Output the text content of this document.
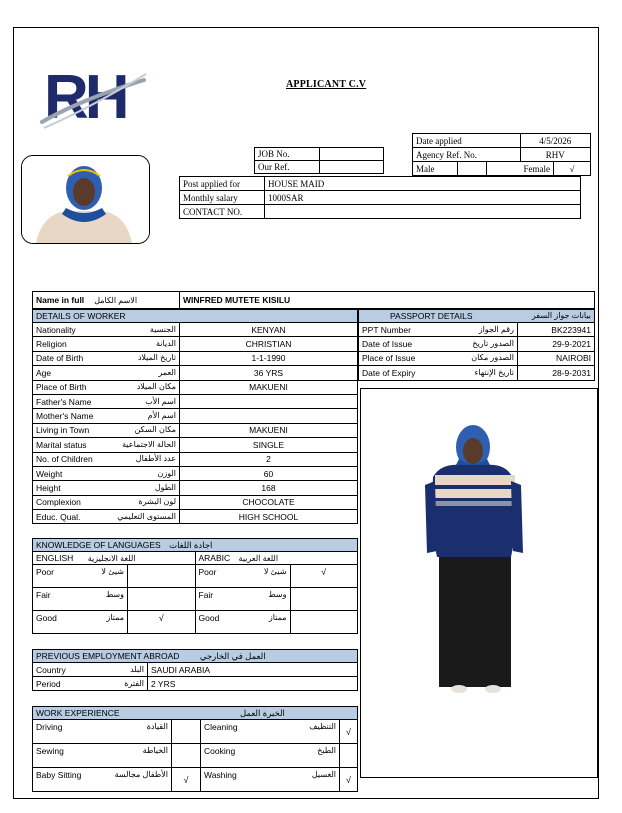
RH	APPLICANT C.V
Date applied			4/5/2026	
Agency Ref. No.			RHV	
Male		Female		√
JOB No.	
Our Ref.	
Post applied for	HOUSE MAID
Monthly salary	1000SAR
CONTACT NO.	
Name in full الاسم الكامل	WINFRED MUTETE KISILU
DETAILS OF WORKER	

Nationality الجنسية	KENYAN

Religion الديانة	CHRISTIAN

Date of Birth تاريخ الميلاد	1-1-1990

Age العمر	36 YRS

Place of Birth مكان الميلاد	MAKUENI

Father's Name اسم الأب	

Mother's Name اسم الأم	

Living in Town مكان السكن	MAKUENI

Marital status الحالة الاجتماعية	SINGLE

No. of Children عدد الأطفال	2

Weight الوزن	60

Height الطول	168

Complexion لون البشرة	CHOCOLATE

Educ. Qual. المستوى التعليمي	HIGH SCHOOL
PASSPORT DETAILS بيانات جواز السفر	

PPT Number رقم الجواز	BK223941

Date of Issue الصدور تاريخ	29-9-2021

Place of Issue الصدور مكان	NAIROBI

Date of Expiry تاريخ الإنتهاء	28-9-2031
KNOWLEDGE OF LANGUAGES اجادة اللغات			
ENGLISH اللغة الانجليزية		ARABIC اللغة العربية	

Poor شيئ لا		Poor شيئ لا	√

Fair وسط		Fair وسط	

Good ممتاز	√	Good ممتاز	

PREVIOUS EMPLOYMENT ABROAD العمل في الخارجي	

Country البلد	SAUDI ARABIA

Period الفترة	2 YRS
WORK EXPERIENCE الخبرة العمل			

Driving القيادة		Cleaning التنظيف	√

Sewing الخياطة		Cooking الطبخ	

Baby Sitting الأطفال مجالسة	√	Washing الغسيل	√
